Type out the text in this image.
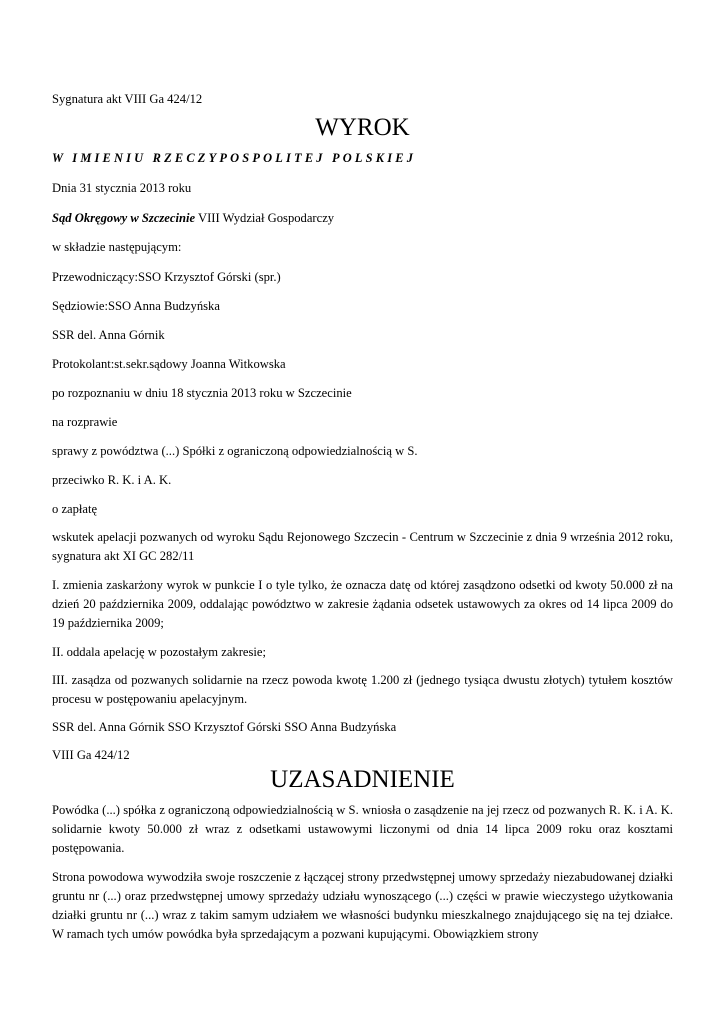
Sygnatura akt VIII Ga 424/12

WYROK
W IMIENIU RZECZYPOSPOLITEJ POLSKIEJ

Dnia 31 stycznia 2013 roku

Sąd Okręgowy w Szczecinie VIII Wydział Gospodarczy

w składzie następującym:

Przewodniczący:SSO Krzysztof Górski (spr.)

Sędziowie:SSO Anna Budzyńska

SSR del. Anna Górnik

Protokolant:st.sekr.sądowy Joanna Witkowska

po rozpoznaniu w dniu 18 stycznia 2013 roku w Szczecinie

na rozprawie

sprawy z powództwa (...) Spółki z ograniczoną odpowiedzialnością w S.

przeciwko R. K. i A. K.

o zapłatę

wskutek apelacji pozwanych od wyroku Sądu Rejonowego Szczecin - Centrum w Szczecinie z dnia 9 września 2012 roku, sygnatura akt XI GC 282/11

I. zmienia zaskarżony wyrok w punkcie I o tyle tylko, że oznacza datę od której zasądzono odsetki od kwoty 50.000 zł na dzień 20 października 2009, oddalając powództwo w zakresie żądania odsetek ustawowych za okres od 14 lipca 2009 do 19 października 2009;

II. oddala apelację w pozostałym zakresie;

III. zasądza od pozwanych solidarnie na rzecz powoda kwotę 1.200 zł (jednego tysiąca dwustu złotych) tytułem kosztów procesu w postępowaniu apelacyjnym.

SSR del. Anna Górnik SSO Krzysztof Górski SSO Anna Budzyńska

VIII Ga 424/12

UZASADNIENIE

Powódka (...) spółka z ograniczoną odpowiedzialnością w S. wniosła o zasądzenie na jej rzecz od pozwanych R. K. i A. K. solidarnie kwoty 50.000 zł wraz z odsetkami ustawowymi liczonymi od dnia 14 lipca 2009 roku oraz kosztami postępowania.

Strona powodowa wywodziła swoje roszczenie z łączącej strony przedwstępnej umowy sprzedaży niezabudowanej działki gruntu nr (...) oraz przedwstępnej umowy sprzedaży udziału wynoszącego (...) części w prawie wieczystego użytkowania działki gruntu nr (...) wraz z takim samym udziałem we własności budynku mieszkalnego znajdującego się na tej działce. W ramach tych umów powódka była sprzedającym a pozwani kupującymi. Obowiązkiem strony
